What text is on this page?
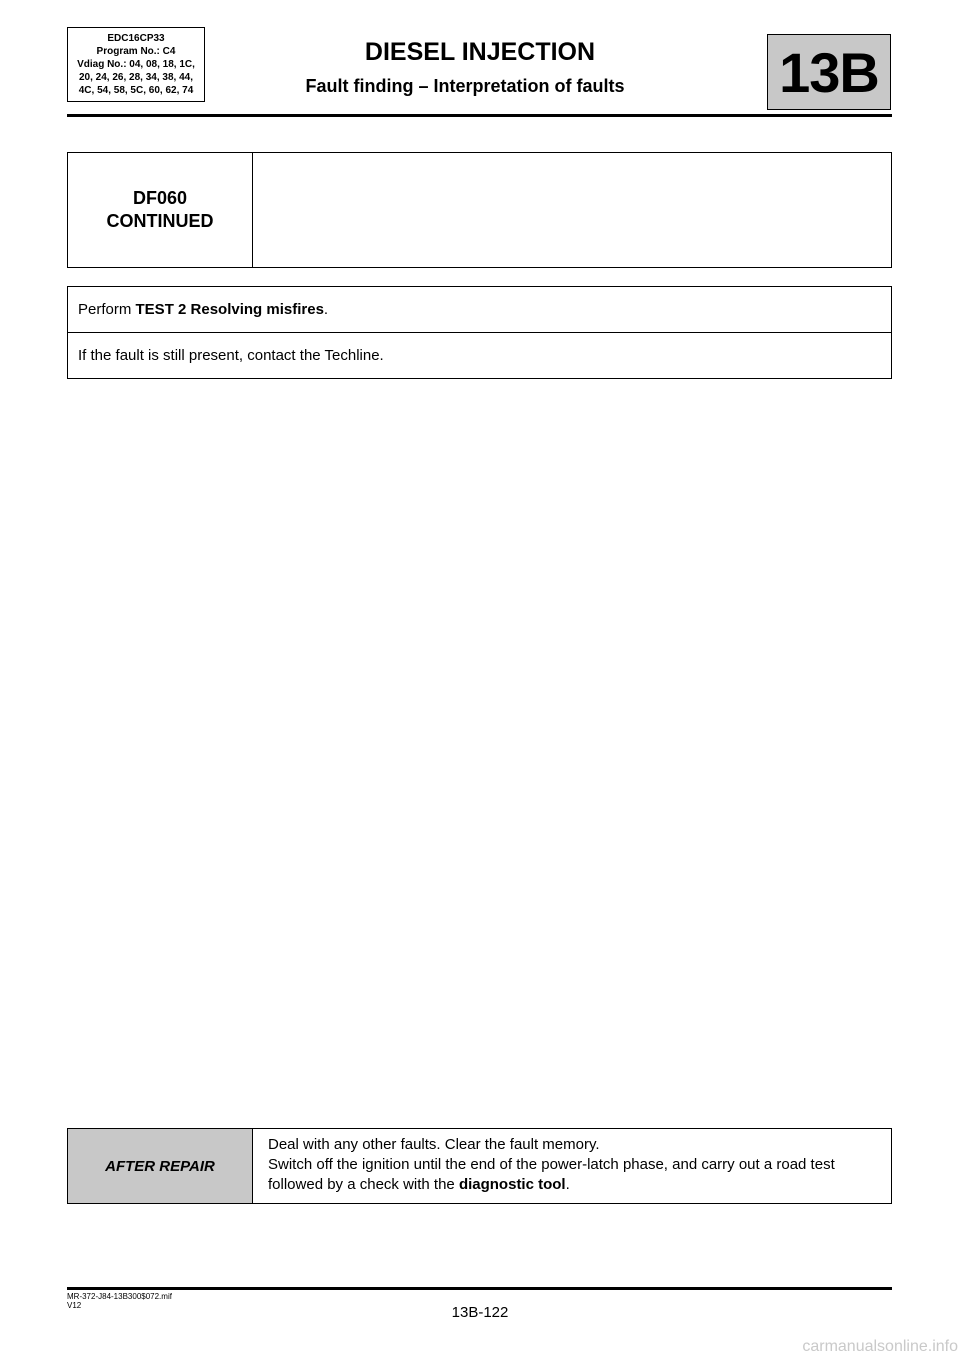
EDC16CP33
Program No.: C4
Vdiag No.: 04, 08, 18, 1C,
20, 24, 26, 28, 34, 38, 44,
4C, 54, 58, 5C, 60, 62, 74
DIESEL INJECTION
Fault finding – Interpretation of faults	13B
DF060
CONTINUED
Perform TEST 2 Resolving misfires .
If the fault is still present, contact the Techline.
AFTER REPAIR
Deal with any other faults. Clear the fault memory.
Switch off the ignition until the end of the power-latch phase, and carry out a road test followed by a check with the diagnostic tool.
MR-372-J84-13B300$072.mif
V12	13B-122
carmanualsonline.info
